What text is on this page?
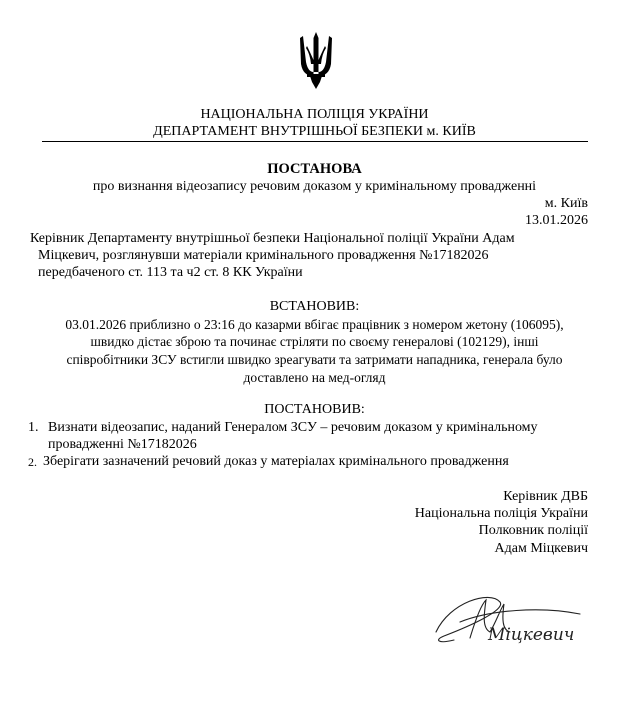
НАЦІОНАЛЬНА ПОЛІЦІЯ УКРАЇНИ
ДЕПАРТАМЕНТ ВНУТРІШНЬОЇ БЕЗПЕКИ м. КИЇВ
ПОСТАНОВА
про визнання відеозапису речовим доказом у кримінальному провадженні
м. Київ
13.01.2026
Керівник Департаменту внутрішньої безпеки Національної поліції України Адам
Міцкевич, розглянувши матеріали кримінального провадження №17182026
передбаченого ст. 113 та ч2 ст. 8 КК України
ВСТАНОВИВ:
03.01.2026 приблизно о 23:16 до казарми вбігає працівник з номером жетону (106095),
швидко дістає зброю та починає стріляти по своєму генералові (102129), інші
співробітники ЗСУ встигли швидко зреагувати та затримати нападника, генерала було
доставлено на мед-огляд
ПОСТАНОВИВ:
1. Визнати відеозапис, наданий Генералом ЗСУ – речовим доказом у кримінальному
провадженні №17182026
2. Зберігати зазначений речовий доказ у матеріалах кримінального провадження
Керівник ДВБ
Національна поліція України
Полковник поліції
Адам Міцкевич
Міцкевич
